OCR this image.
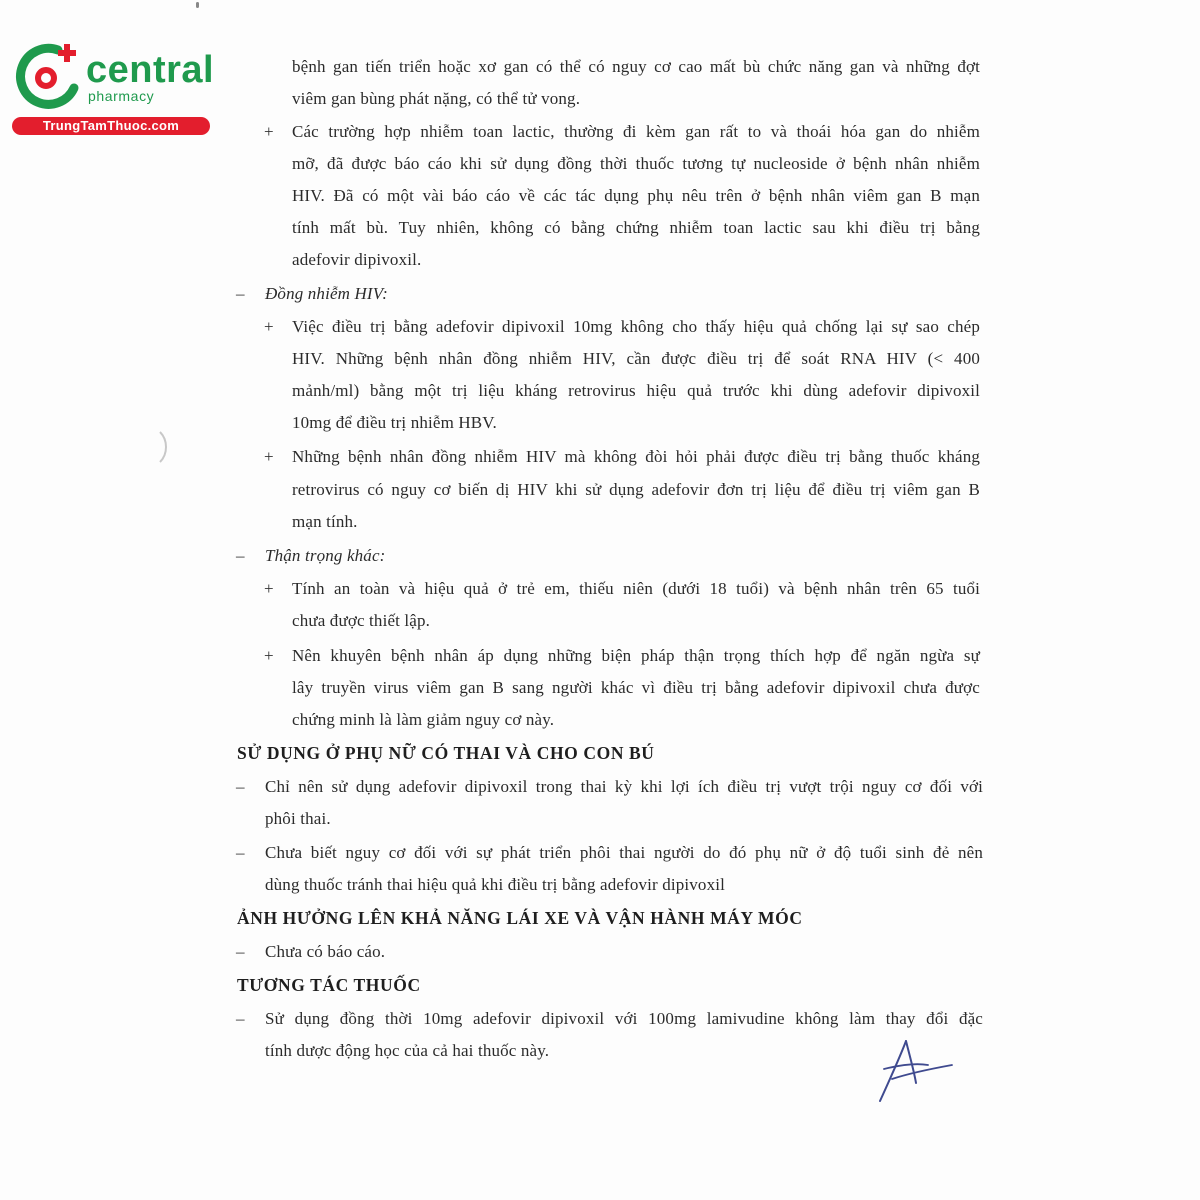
central
pharmacy
TrungTamThuoc.com
bệnh gan tiến triển hoặc xơ gan có thể có nguy cơ cao mất bù chức năng gan và những đợt
viêm gan bùng phát nặng, có thể tử vong.
+ Các trường hợp nhiễm toan lactic, thường đi kèm gan rất to và thoái hóa gan do nhiễm
mỡ, đã được báo cáo khi sử dụng đồng thời thuốc tương tự nucleoside ở bệnh nhân nhiễm
HIV. Đã có một vài báo cáo về các tác dụng phụ nêu trên ở bệnh nhân viêm gan B mạn
tính mất bù. Tuy nhiên, không có bằng chứng nhiễm toan lactic sau khi điều trị bằng
adefovir dipivoxil.
– Đồng nhiễm HIV:
+ Việc điều trị bằng adefovir dipivoxil 10mg không cho thấy hiệu quả chống lại sự sao chép
HIV. Những bệnh nhân đồng nhiễm HIV, cần được điều trị để soát RNA HIV (< 400
mảnh/ml) bằng một trị liệu kháng retrovirus hiệu quả trước khi dùng adefovir dipivoxil
10mg để điều trị nhiễm HBV.
+ Những bệnh nhân đồng nhiễm HIV mà không đòi hỏi phải được điều trị bằng thuốc kháng
retrovirus có nguy cơ biến dị HIV khi sử dụng adefovir đơn trị liệu để điều trị viêm gan B
mạn tính.
– Thận trọng khác:
+ Tính an toàn và hiệu quả ở trẻ em, thiếu niên (dưới 18 tuổi) và bệnh nhân trên 65 tuổi
chưa được thiết lập.
+ Nên khuyên bệnh nhân áp dụng những biện pháp thận trọng thích hợp để ngăn ngừa sự
lây truyền virus viêm gan B sang người khác vì điều trị bằng adefovir dipivoxil chưa được
chứng minh là làm giảm nguy cơ này.
SỬ DỤNG Ở PHỤ NỮ CÓ THAI VÀ CHO CON BÚ
– Chỉ nên sử dụng adefovir dipivoxil trong thai kỳ khi lợi ích điều trị vượt trội nguy cơ đối với
phôi thai.
– Chưa biết nguy cơ đối với sự phát triển phôi thai người do đó phụ nữ ở độ tuổi sinh đẻ nên
dùng thuốc tránh thai hiệu quả khi điều trị bằng adefovir dipivoxil
ẢNH HƯỞNG LÊN KHẢ NĂNG LÁI XE VÀ VẬN HÀNH MÁY MÓC
– Chưa có báo cáo.
TƯƠNG TÁC THUỐC
– Sử dụng đồng thời 10mg adefovir dipivoxil với 100mg lamivudine không làm thay đổi đặc
tính dược động học của cả hai thuốc này.
